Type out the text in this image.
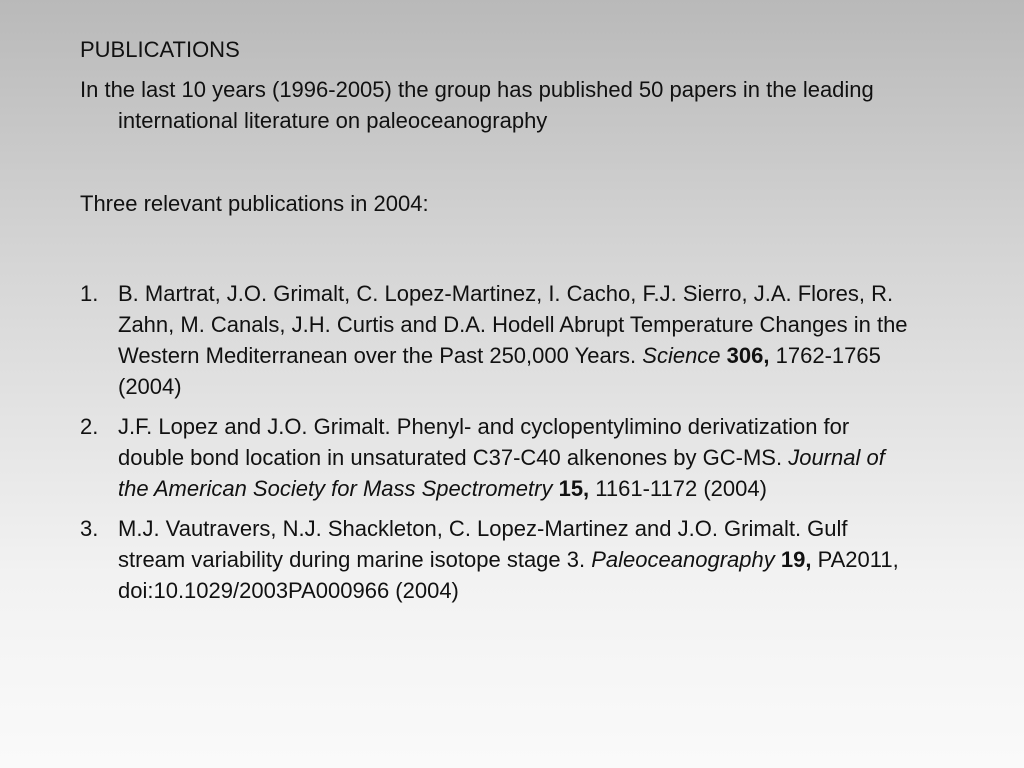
PUBLICATIONS

In the last 10 years (1996-2005) the group has published 50 papers in the leading international literature on paleoceanography

Three relevant publications in 2004:

1. B. Martrat, J.O. Grimalt, C. Lopez-Martinez, I. Cacho, F.J. Sierro, J.A. Flores, R. Zahn, M. Canals, J.H. Curtis and D.A. Hodell Abrupt Temperature Changes in the Western Mediterranean over the Past 250,000 Years. Science 306, 1762-1765 (2004)
2. J.F. Lopez and J.O. Grimalt. Phenyl- and cyclopentylimino derivatization for double bond location in unsaturated C37-C40 alkenones by GC-MS. Journal of the American Society for Mass Spectrometry 15, 1161-1172 (2004)
3. M.J. Vautravers, N.J. Shackleton, C. Lopez-Martinez and J.O. Grimalt. Gulf stream variability during marine isotope stage 3. Paleoceanography 19, PA2011, doi:10.1029/2003PA000966 (2004)
